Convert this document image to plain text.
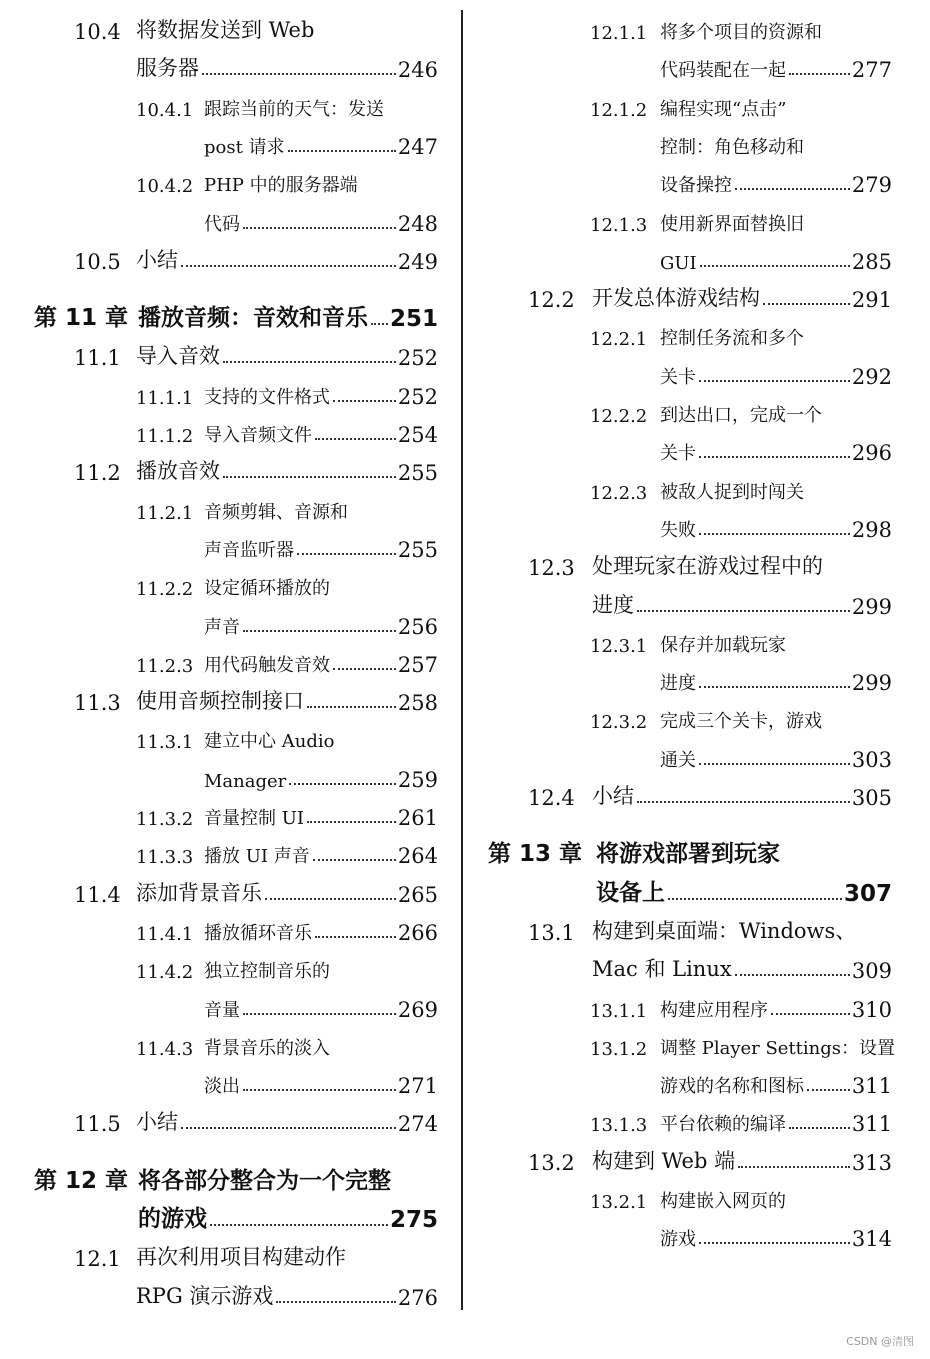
10.4 将数据发送到 Web
服务器	246
10.4.1 跟踪当前的天气：发送
post 请求	247
10.4.2 PHP 中的服务器端
代码	248
10.5 小结	249
第 11 章 播放音频：音效和音乐 251
11.1 导入音效	252
11.1.1 支持的文件格式	252
11.1.2 导入音频文件	254
11.2 播放音效	255
11.2.1 音频剪辑、音源和
声音监听器	255
11.2.2 设定循环播放的
声音	256
11.2.3 用代码触发音效	257
11.3 使用音频控制接口	258
11.3.1 建立中心 Audio
Manager	259
11.3.2 音量控制 UI	261
11.3.3 播放 UI 声音	264
11.4 添加背景音乐	265
11.4.1 播放循环音乐	266
11.4.2 独立控制音乐的
音量	269
11.4.3 背景音乐的淡入
淡出	271
11.5 小结	274
第 12 章 将各部分整合为一个完整
的游戏	275
12.1 再次利用项目构建动作
RPG 演示游戏	276
12.1.1 将多个项目的资源和
代码装配在一起	277
12.1.2 编程实现“点击”
控制：角色移动和
设备操控	279
12.1.3 使用新界面替换旧
GUI	285
12.2 开发总体游戏结构	291
12.2.1 控制任务流和多个
关卡	292
12.2.2 到达出口，完成一个
关卡	296
12.2.3 被敌人捉到时闯关
失败	298
12.3 处理玩家在游戏过程中的
进度	299
12.3.1 保存并加载玩家
进度	299
12.3.2 完成三个关卡，游戏
通关	303
12.4 小结	305
第 13 章 将游戏部署到玩家
设备上	307
13.1 构建到桌面端：Windows、
Mac 和 Linux	309
13.1.1 构建应用程序	310
13.1.2 调整 Player Settings：设置
游戏的名称和图标 311
13.1.3 平台依赖的编译	311
13.2 构建到 Web 端	313
13.2.1 构建嵌入网页的
游戏	314
CSDN @清图
